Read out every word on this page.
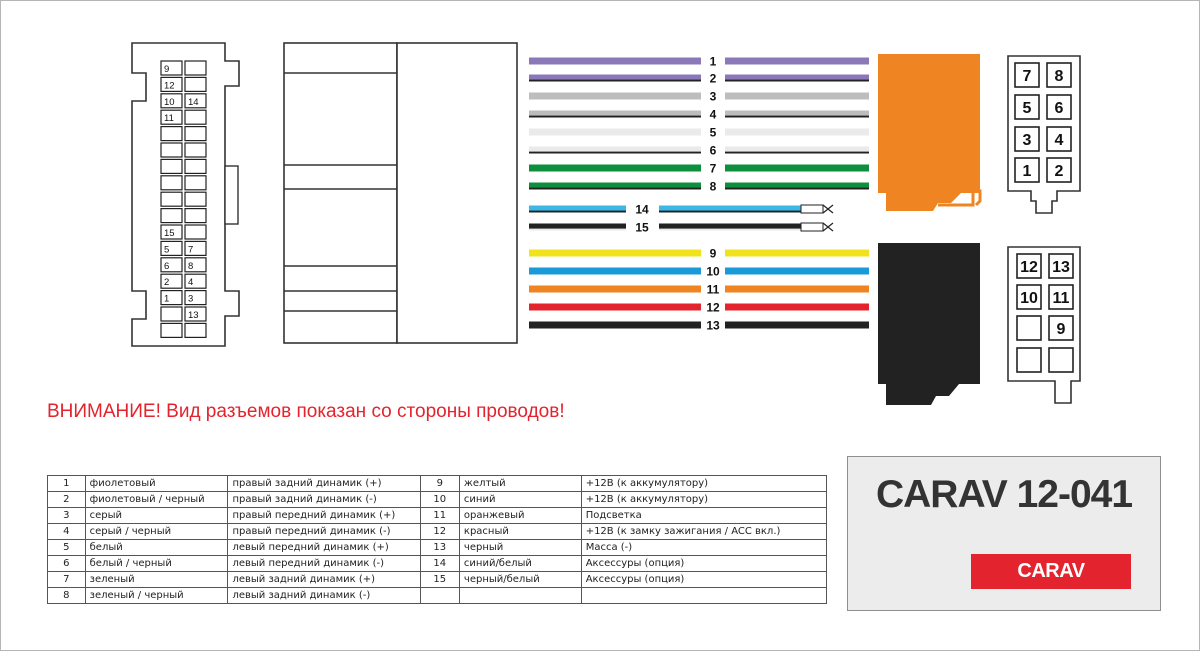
9
12
10 14
11
15
5 7
6 8
2 4
1 3
13
1
2
3
4
5
6
7
8
14
15
9
10
11
12
13
7 8
5 6
3 4
1 2
12 13
10 11
9
ВНИМАНИЕ! Вид разъемов показан со стороны проводов!
1	фиолетовый	правый задний динамик (+)	9	желтый	+12В (к аккумулятору)
2	фиолетовый / черный	правый задний динамик (-)	10	синий	+12В (к аккумулятору)
3	серый	правый передний динамик (+)	11	оранжевый	Подсветка
4	серый / черный	правый передний динамик (-)	12	красный	+12В (к замку зажигания / ACC вкл.)
5	белый	левый передний динамик (+)	13	черный	Масса (-)
6	белый / черный	левый передний динамик (-)	14	синий/белый	Аксессуры (опция)
7	зеленый	левый задний динамик (+)	15	черный/белый	Аксессуры (опция)
8	зеленый / черный	левый задний динамик (-)			
CARAV 12-041
CARAV
